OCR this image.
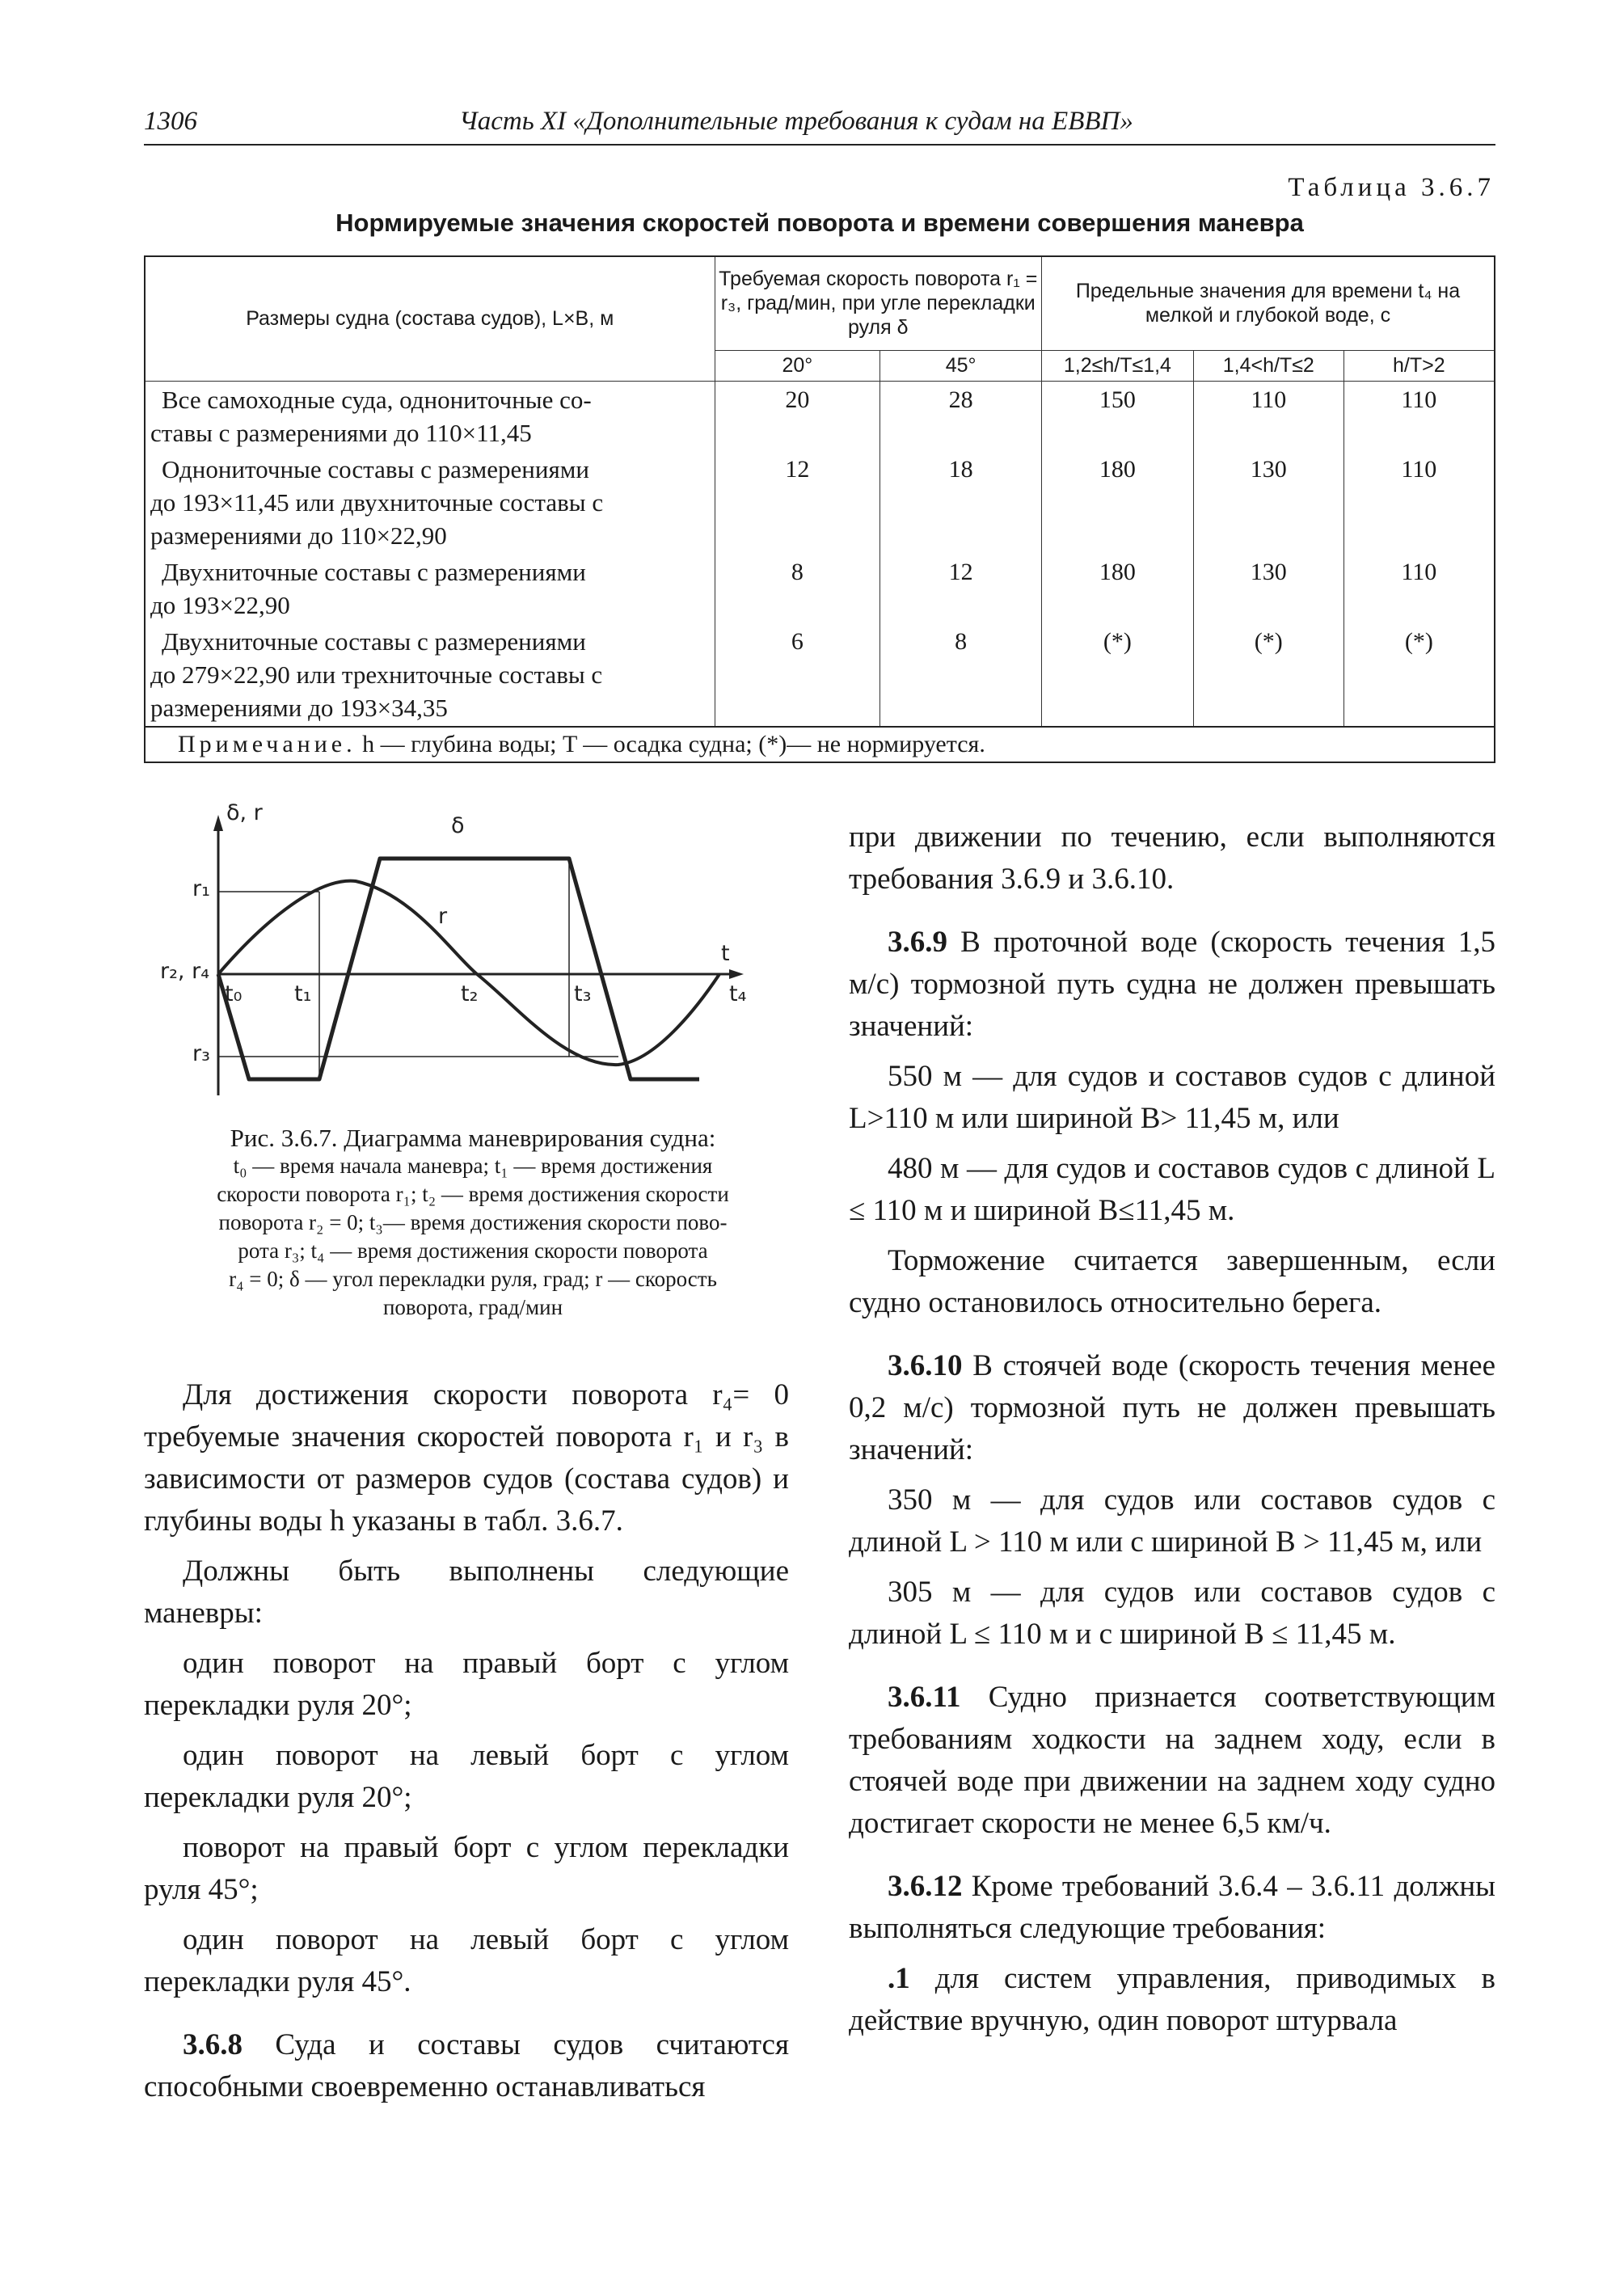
1306	Часть XI «Дополнительные требования к судам на ЕВВП»
Таблица 3.6.7
Нормируемые значения скоростей поворота и времени совершения маневра
Размеры судна (состава судов), L×B, м	Требуемая скорость поворота r₁ = r₃, град/мин, при угле перекладки руля δ		Предельные значения для времени t₄ на мелкой и глубокой воде, с		
	20°	45°	1,2≤h/T≤1,4	1,4<h/T≤2	h/T>2

Все самоходные суда, однониточные со-
ставы с размерениями до 110×11,45	20	28	150	110	110

Однониточные составы с размерениями
до 193×11,45 или двухниточные составы с
размерениями до 110×22,90	12	18	180	130	110

Двухниточные составы с размерениями
до 193×22,90	8	12	180	130	110

Двухниточные составы с размерениями
до 279×22,90 или трехниточные составы с
размерениями до 193×34,35	6	8	(*)	(*)	(*)
Примечание. h — глубина воды; T — осадка судна; (*)— не нормируется.					
δ, r
t
δ
r
r₁
r₂, r₄
r₃
t₀ t₁	t₂	t₃	t₄
Рис. 3.6.7. Диаграмма маневрирования судна:
t₀ — время начала маневра; t₁ — время достижения
скорости поворота r₁; t₂ — время достижения скорости
поворота r₂ = 0; t₃— время достижения скорости пово-
рота r₃; t₄ — время достижения скорости поворота
r₄ = 0; δ — угол перекладки руля, град; r — скорость
поворота, град/мин

Для достижения скорости поворота r₄= 0 требуемые значения скоростей поворота r₁ и r₃ в зависимости от размеров судов (состава судов) и глубины воды h указаны в табл. 3.6.7.

Должны быть выполнены следующие маневры:

один поворот на правый борт с углом перекладки руля 20°;

один поворот на левый борт с углом перекладки руля 20°;

поворот на правый борт с углом перекладки руля 45°;

один поворот на левый борт с углом перекладки руля 45°.

3.6.8 Суда и составы судов считаются способными своевременно останавливаться

при движении по течению, если выполняются требования 3.6.9 и 3.6.10.

3.6.9 В проточной воде (скорость течения 1,5 м/с) тормозной путь судна не должен превышать значений:

550 м — для судов и составов судов с длиной L>110 м или шириной B> 11,45 м, или

480 м — для судов и составов судов с длиной L ≤ 110 м и шириной B≤11,45 м.

Торможение считается завершенным, если судно остановилось относительно берега.

3.6.10 В стоячей воде (скорость течения менее 0,2 м/с) тормозной путь не должен превышать значений:

350 м — для судов или составов судов с длиной L > 110 м или с шириной B > 11,45 м, или

305 м — для судов или составов судов с длиной L ≤ 110 м и с шириной B ≤ 11,45 м.

3.6.11 Судно признается соответствующим требованиям ходкости на заднем ходу, если в стоячей воде при движении на заднем ходу судно достигает скорости не менее 6,5 км/ч.

3.6.12 Кроме требований 3.6.4 – 3.6.11 должны выполняться следующие требования:

.1 для систем управления, приводимых в действие вручную, один поворот штурвала
